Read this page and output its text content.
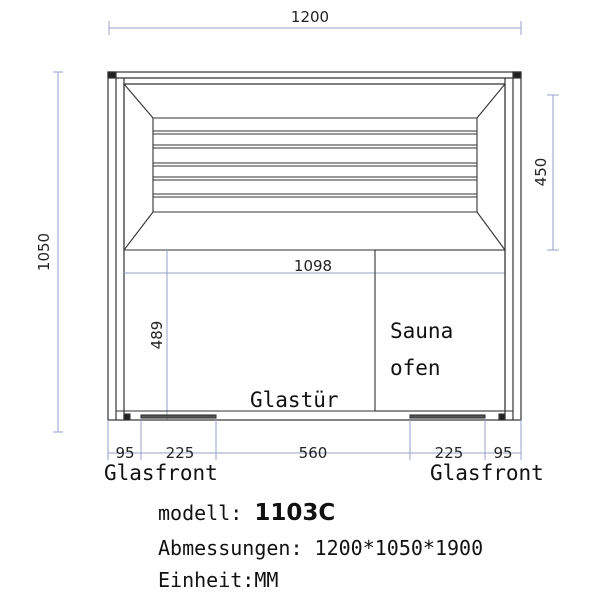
1200
1050
450
1098
489	Sauna
ofen
Glastür
95 225	560	225 95
Glasfront	Glasfront
modell: 1103C
Abmessungen: 1200*1050*1900
Einheit:MM
